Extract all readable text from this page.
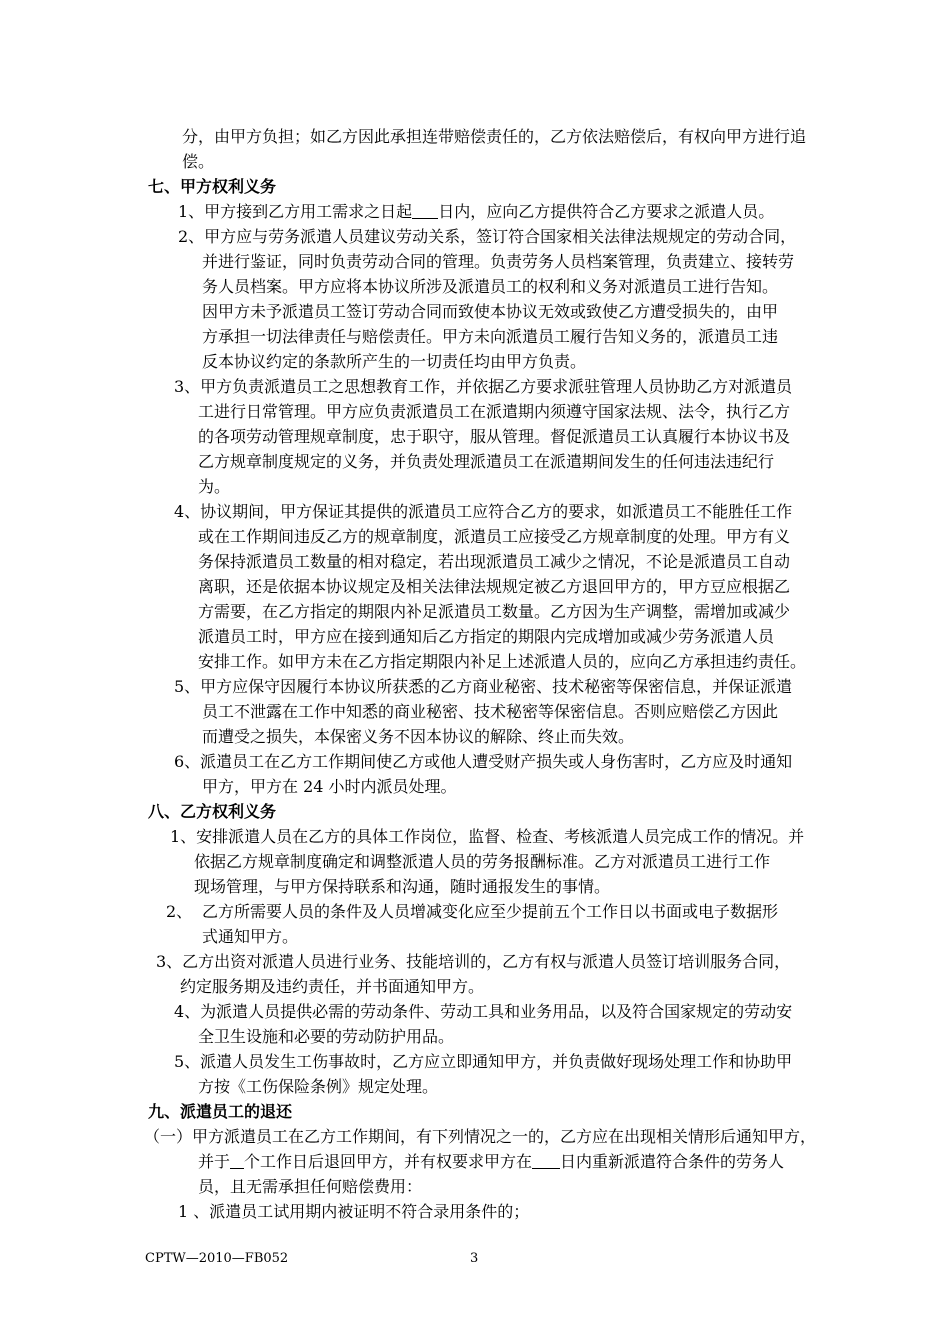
分，由甲方负担；如乙方因此承担连带赔偿责任的，乙方依法赔偿后，有权向甲方进行追
偿。
七、甲方权利义务
1、甲方接到乙方用工需求之日起 日内，应向乙方提供符合乙方要求之派遣人员。
2、甲方应与劳务派遣人员建议劳动关系，签订符合国家相关法律法规规定的劳动合同，
并进行鉴证，同时负责劳动合同的管理。负责劳务人员档案管理，负责建立、接转劳
务人员档案。甲方应将本协议所涉及派遣员工的权利和义务对派遣员工进行告知。
因甲方未予派遣员工签订劳动合同而致使本协议无效或致使乙方遭受损失的，由甲
方承担一切法律责任与赔偿责任。甲方未向派遣员工履行告知义务的，派遣员工违
反本协议约定的条款所产生的一切责任均由甲方负责。
3、甲方负责派遣员工之思想教育工作，并依据乙方要求派驻管理人员协助乙方对派遣员
工进行日常管理。甲方应负责派遣员工在派遣期内须遵守国家法规、法令，执行乙方
的各项劳动管理规章制度，忠于职守，服从管理。督促派遣员工认真履行本协议书及
乙方规章制度规定的义务，并负责处理派遣员工在派遣期间发生的任何违法违纪行
为。
4、协议期间，甲方保证其提供的派遣员工应符合乙方的要求，如派遣员工不能胜任工作
或在工作期间违反乙方的规章制度，派遣员工应接受乙方规章制度的处理。甲方有义
务保持派遣员工数量的相对稳定，若出现派遣员工减少之情况，不论是派遣员工自动
离职，还是依据本协议规定及相关法律法规规定被乙方退回甲方的，甲方豆应根据乙
方需要，在乙方指定的期限内补足派遣员工数量。乙方因为生产调整，需增加或减少
派遣员工时，甲方应在接到通知后乙方指定的期限内完成增加或减少劳务派遣人员
安排工作。如甲方未在乙方指定期限内补足上述派遣人员的，应向乙方承担违约责任。
5、甲方应保守因履行本协议所获悉的乙方商业秘密、技术秘密等保密信息，并保证派遣
员工不泄露在工作中知悉的商业秘密、技术秘密等保密信息。否则应赔偿乙方因此
而遭受之损失，本保密义务不因本协议的解除、终止而失效。
6、派遣员工在乙方工作期间使乙方或他人遭受财产损失或人身伤害时，乙方应及时通知
甲方，甲方在 24 小时内派员处理。
八、乙方权利义务
1、安排派遣人员在乙方的具体工作岗位，监督、检查、考核派遣人员完成工作的情况。并
依据乙方规章制度确定和调整派遣人员的劳务报酬标准。乙方对派遣员工进行工作
现场管理，与甲方保持联系和沟通，随时通报发生的事情。
2、 乙方所需要人员的条件及人员增减变化应至少提前五个工作日以书面或电子数据形
式通知甲方。
3、乙方出资对派遣人员进行业务、技能培训的，乙方有权与派遣人员签订培训服务合同，
约定服务期及违约责任，并书面通知甲方。
4、为派遣人员提供必需的劳动条件、劳动工具和业务用品，以及符合国家规定的劳动安
全卫生设施和必要的劳动防护用品。
5、派遣人员发生工伤事故时，乙方应立即通知甲方，并负责做好现场处理工作和协助甲
方按《工伤保险条例》规定处理。
九、派遣员工的退还
（一）甲方派遣员工在乙方工作期间，有下列情况之一的，乙方应在出现相关情形后通知甲方，
并于 个工作日后退回甲方，并有权要求甲方在 日内重新派遣符合条件的劳务人
员，且无需承担任何赔偿费用：
1 、派遣员工试用期内被证明不符合录用条件的；
CPTW—2010—FB052	3
